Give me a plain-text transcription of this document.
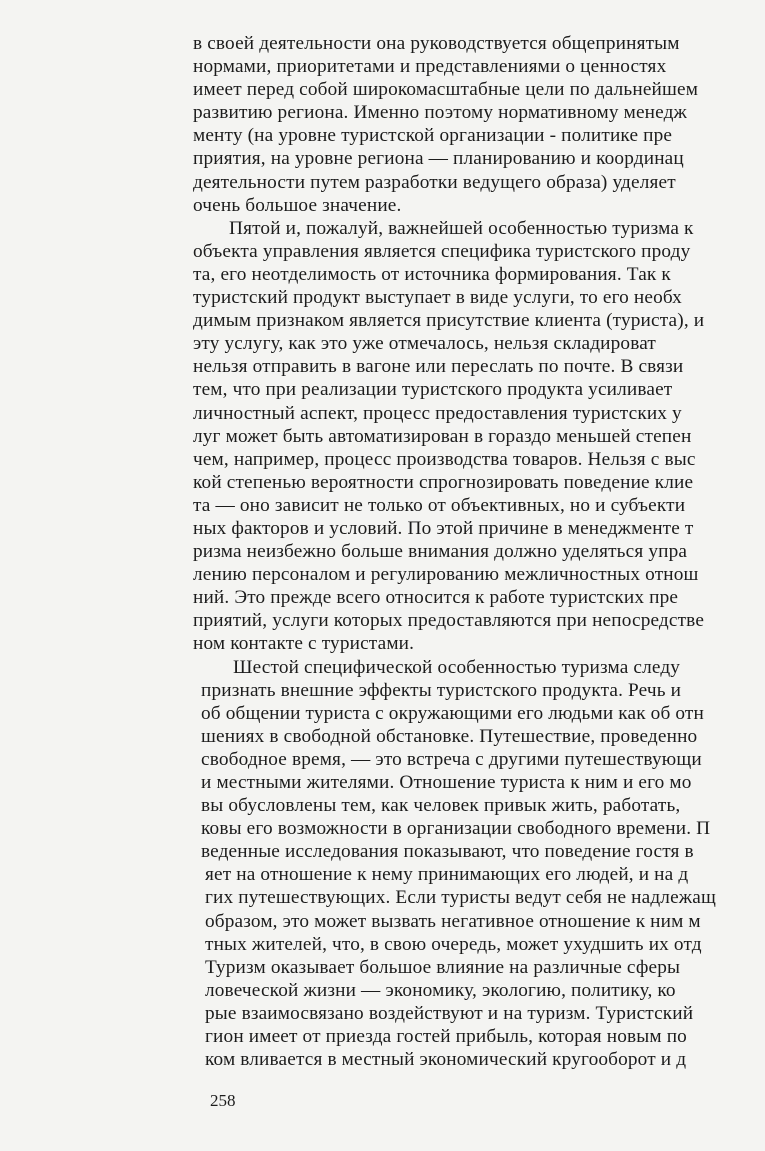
в своей деятельности она руководствуется общепринятым
нормами, приоритетами и представлениями о ценностях
имеет перед собой широкомасштабные цели по дальнейшем
развитию региона. Именно поэтому нормативному менедж
менту (на уровне туристской организации - политике пре
приятия, на уровне региона — планированию и координац
деятельности путем разработки ведущего образа) уделяет
очень большое значение.
Пятой и, пожалуй, важнейшей особенностью туризма к
объекта управления является специфика туристского проду
та, его неотделимость от источника формирования. Так к
туристский продукт выступает в виде услуги, то его необх
димым признаком является присутствие клиента (туриста), и
эту услугу, как это уже отмечалось, нельзя складироват
нельзя отправить в вагоне или переслать по почте. В связи
тем, что при реализации туристского продукта усиливает
личностный аспект, процесс предоставления туристских у
луг может быть автоматизирован в гораздо меньшей степен
чем, например, процесс производства товаров. Нельзя с выс
кой степенью вероятности спрогнозировать поведение клие
та — оно зависит не только от объективных, но и субъекти
ных факторов и условий. По этой причине в менеджменте т
ризма неизбежно больше внимания должно уделяться упра
лению персоналом и регулированию межличностных отнош
ний. Это прежде всего относится к работе туристских пре
приятий, услуги которых предоставляются при непосредстве
ном контакте с туристами.
Шестой специфической особенностью туризма следу
признать внешние эффекты туристского продукта. Речь и
об общении туриста с окружающими его людьми как об отн
шениях в свободной обстановке. Путешествие, проведенно
свободное время, — это встреча с другими путешествующи
и местными жителями. Отношение туриста к ним и его мо
вы обусловлены тем, как человек привык жить, работать,
ковы его возможности в организации свободного времени. П
веденные исследования показывают, что поведение гостя в
яет на отношение к нему принимающих его людей, и на д
гих путешествующих. Если туристы ведут себя не надлежащ
образом, это может вызвать негативное отношение к ним м
тных жителей, что, в свою очередь, может ухудшить их отд
Туризм оказывает большое влияние на различные сферы
ловеческой жизни — экономику, экологию, политику, ко
рые взаимосвязано воздействуют и на туризм. Туристский
гион имеет от приезда гостей прибыль, которая новым по
ком вливается в местный экономический кругооборот и д
258
